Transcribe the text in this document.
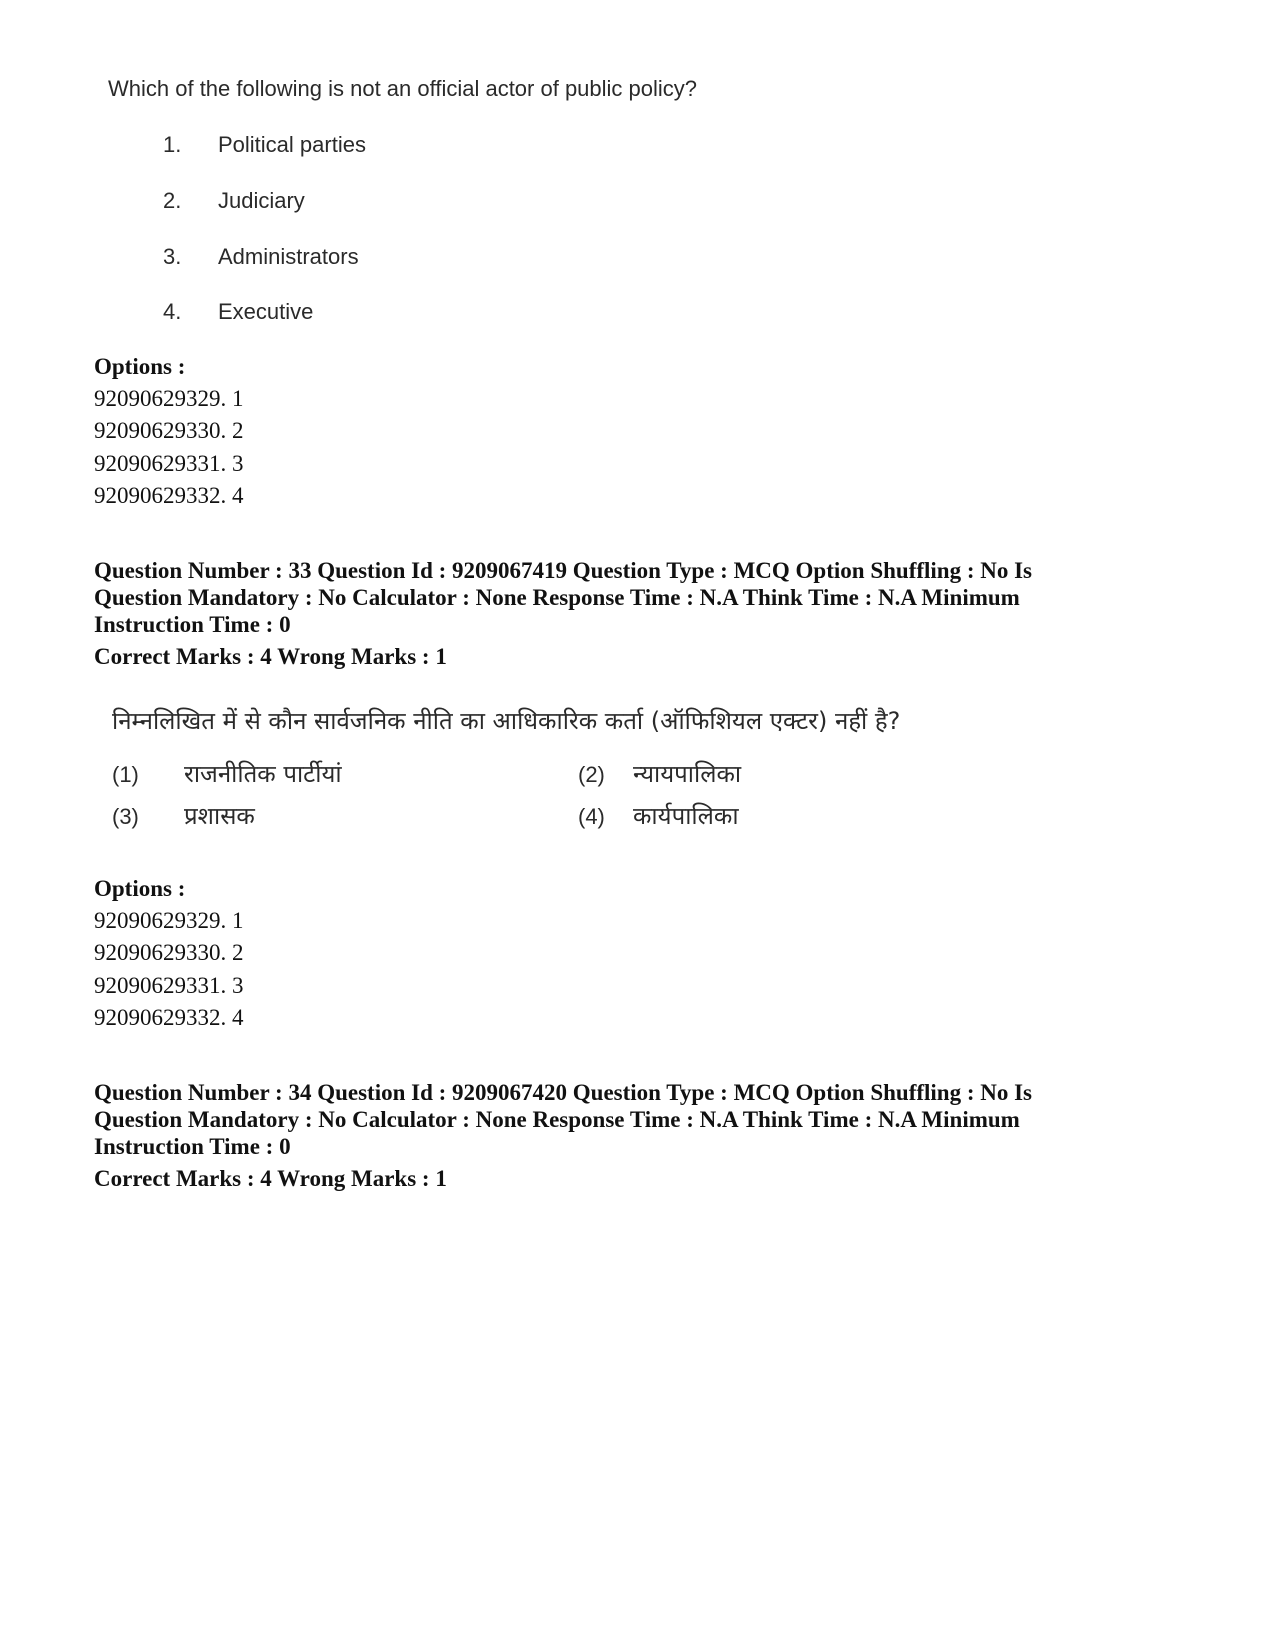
Which of the following is not an official actor of public policy?
1. Political parties
2. Judiciary
3. Administrators
4. Executive
Options :
92090629329. 1
92090629330. 2
92090629331. 3
92090629332. 4
Question Number : 33 Question Id : 9209067419 Question Type : MCQ Option Shuffling : No Is Question Mandatory : No Calculator : None Response Time : N.A Think Time : N.A Minimum Instruction Time : 0
Correct Marks : 4 Wrong Marks : 1
निम्नलिखित में से कौन सार्वजनिक नीति का आधिकारिक कर्ता (ऑफिशियल एक्टर) नहीं है?
(1) राजनीतिक पार्टीयां	(2) न्यायपालिका
(3) प्रशासक	(4) कार्यपालिका
Options :
92090629329. 1
92090629330. 2
92090629331. 3
92090629332. 4
Question Number : 34 Question Id : 9209067420 Question Type : MCQ Option Shuffling : No Is Question Mandatory : No Calculator : None Response Time : N.A Think Time : N.A Minimum Instruction Time : 0
Correct Marks : 4 Wrong Marks : 1
